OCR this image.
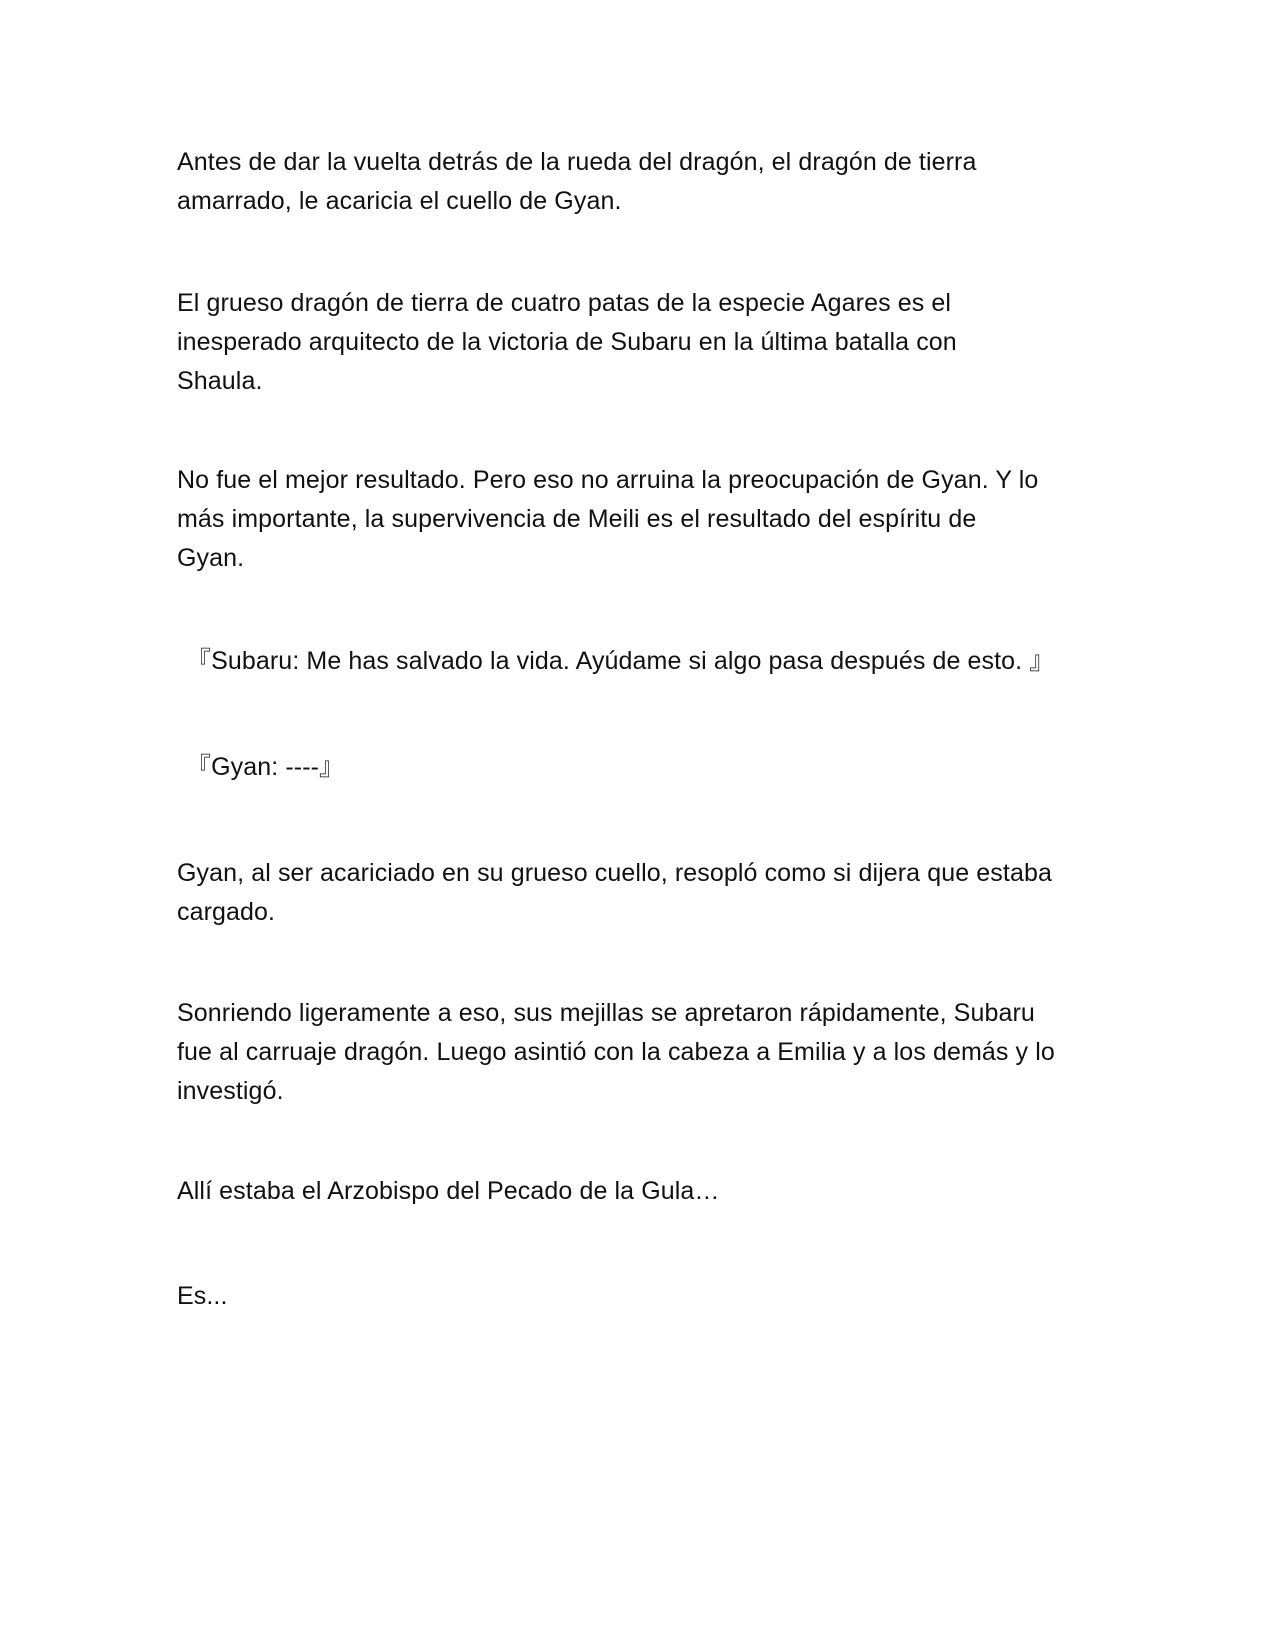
Antes de dar la vuelta detrás de la rueda del dragón, el dragón de tierra
amarrado, le acaricia el cuello de Gyan.

El grueso dragón de tierra de cuatro patas de la especie Agares es el
inesperado arquitecto de la victoria de Subaru en la última batalla con
Shaula.

No fue el mejor resultado. Pero eso no arruina la preocupación de Gyan. Y lo
más importante, la supervivencia de Meili es el resultado del espíritu de
Gyan.

『Subaru: Me has salvado la vida. Ayúdame si algo pasa después de esto. 』

『Gyan: ----』

Gyan, al ser acariciado en su grueso cuello, resopló como si dijera que estaba
cargado.

Sonriendo ligeramente a eso, sus mejillas se apretaron rápidamente, Subaru
fue al carruaje dragón. Luego asintió con la cabeza a Emilia y a los demás y lo
investigó.

Allí estaba el Arzobispo del Pecado de la Gula…

Es...
